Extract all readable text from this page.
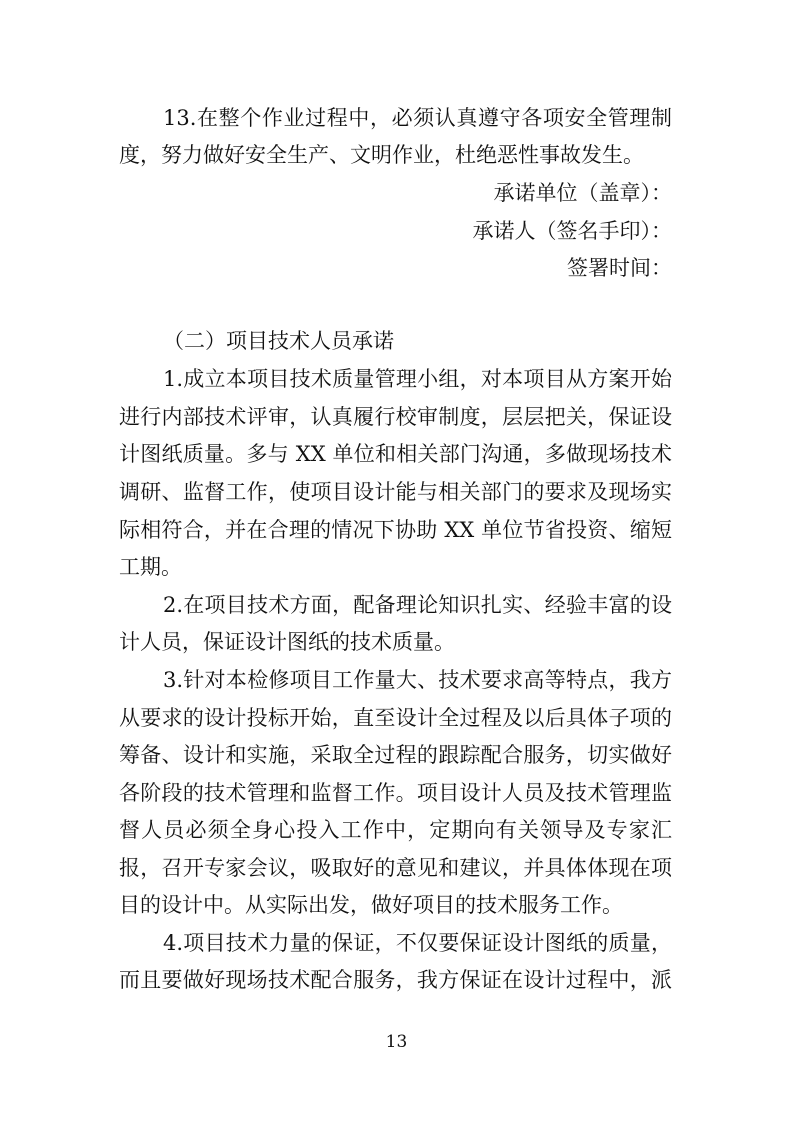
13.在整个作业过程中，必须认真遵守各项安全管理制
度，努力做好安全生产、文明作业，杜绝恶性事故发生。
承诺单位（盖章）：
承诺人（签名手印）：
签署时间：
（二）项目技术人员承诺
1.成立本项目技术质量管理小组，对本项目从方案开始
进行内部技术评审，认真履行校审制度，层层把关，保证设
计图纸质量。多与 XX 单位和相关部门沟通，多做现场技术
调研、监督工作，使项目设计能与相关部门的要求及现场实
际相符合，并在合理的情况下协助 XX 单位节省投资、缩短
工期。
2.在项目技术方面，配备理论知识扎实、经验丰富的设
计人员，保证设计图纸的技术质量。
3.针对本检修项目工作量大、技术要求高等特点，我方
从要求的设计投标开始，直至设计全过程及以后具体子项的
筹备、设计和实施，采取全过程的跟踪配合服务，切实做好
各阶段的技术管理和监督工作。项目设计人员及技术管理监
督人员必须全身心投入工作中，定期向有关领导及专家汇
报，召开专家会议，吸取好的意见和建议，并具体体现在项
目的设计中。从实际出发，做好项目的技术服务工作。
4.项目技术力量的保证，不仅要保证设计图纸的质量，
而且要做好现场技术配合服务，我方保证在设计过程中，派
13
